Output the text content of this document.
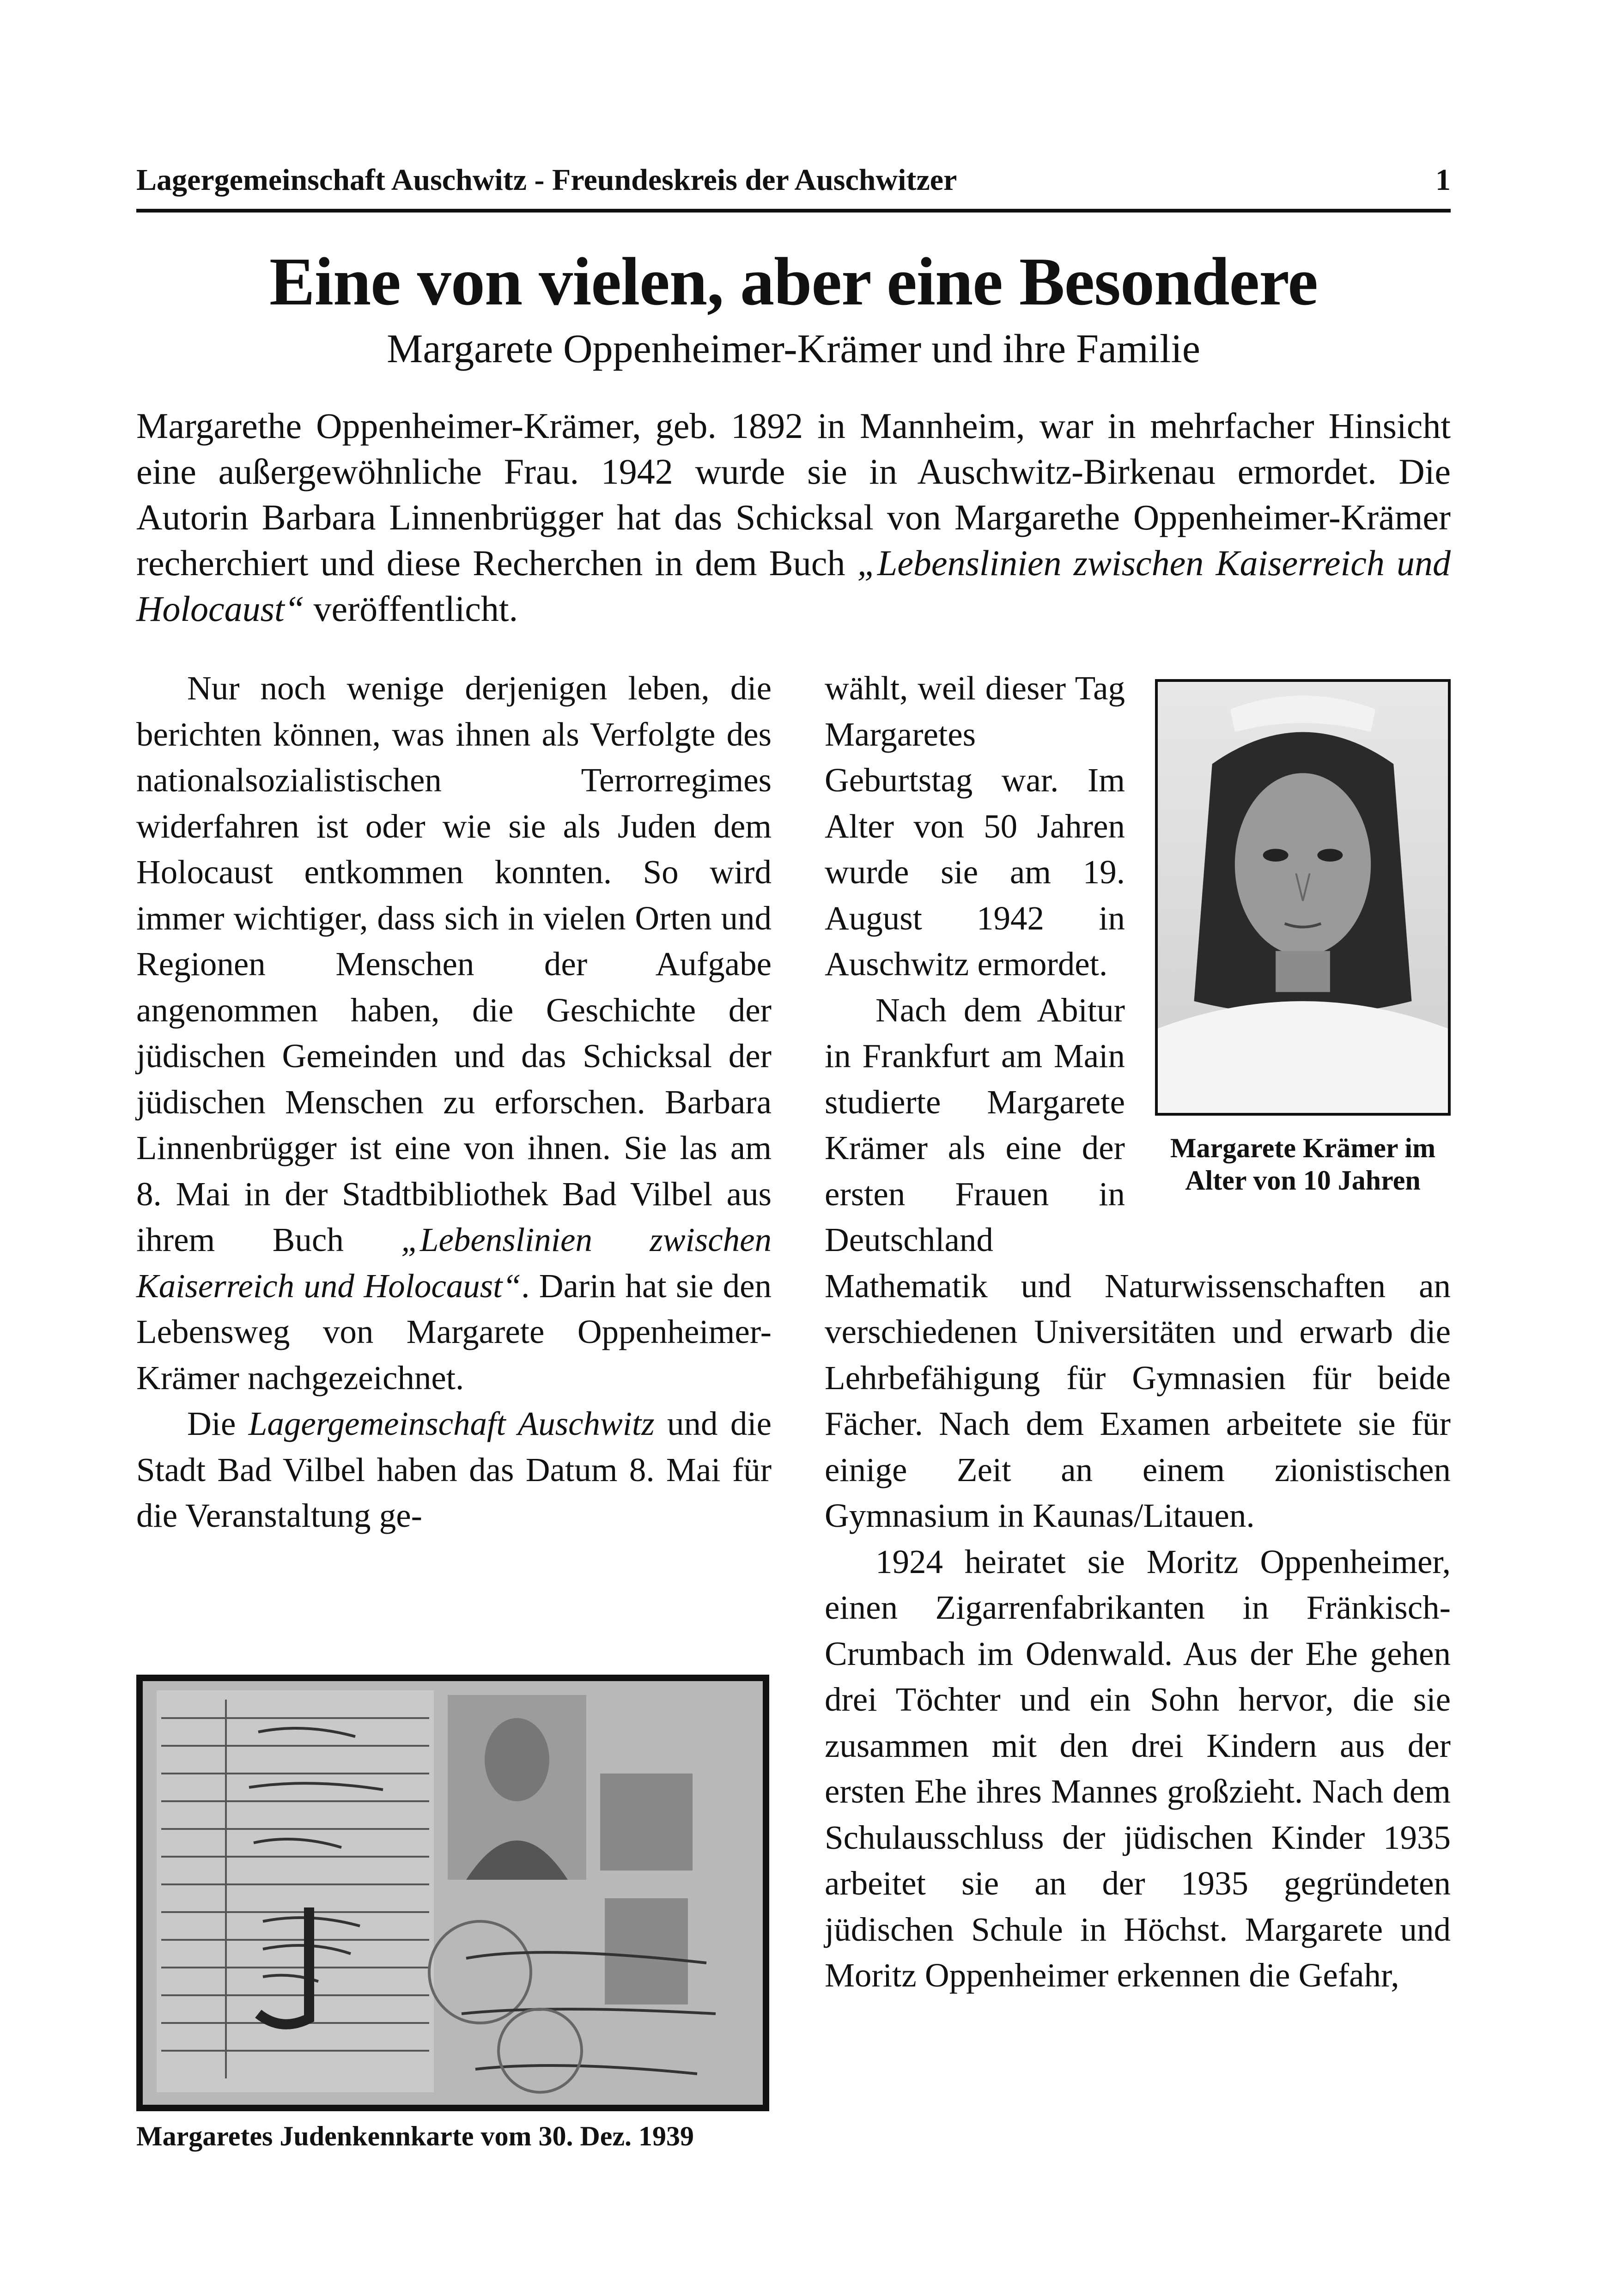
Lagergemeinschaft Auschwitz - Freundeskreis der Auschwitzer	1
Eine von vielen, aber eine Besondere
Margarete Oppenheimer-Krämer und ihre Familie
Margarethe Oppenheimer-Krämer, geb. 1892 in Mannheim, war in mehrfacher Hinsicht eine außergewöhnliche Frau. 1942 wurde sie in Auschwitz-Birkenau ermordet. Die Autorin Barbara Linnenbrügger hat das Schicksal von Margarethe Oppenheimer-Krämer recherchiert und diese Recherchen in dem Buch „Lebenslinien zwischen Kaiserreich und Holocaust“ veröffentlicht.

Nur noch wenige derjenigen leben, die berichten können, was ihnen als Verfolgte des nationalsozialistischen Terrorregimes widerfahren ist oder wie sie als Juden dem Holocaust entkommen konnten. So wird immer wichtiger, dass sich in vielen Orten und Regionen Menschen der Aufgabe angenommen haben, die Geschichte der jüdischen Gemeinden und das Schicksal der jüdischen Menschen zu erforschen. Barbara Linnenbrügger ist eine von ihnen. Sie las am 8. Mai in der Stadtbibliothek Bad Vilbel aus ihrem Buch „Lebenslinien zwischen Kaiserreich und Holocaust“. Darin hat sie den Lebensweg von Margarete Oppenheimer-Krämer nachgezeichnet.

Die Lagergemeinschaft Auschwitz und die Stadt Bad Vilbel haben das Datum 8. Mai für die Veranstaltung ge-

wählt, weil dieser Tag Margaretes Geburtstag war. Im Alter von 50 Jahren wurde sie am 19. August 1942 in Auschwitz ermordet.

Nach dem Abitur in Frankfurt am Main studierte Margarete Krämer als eine der ersten Frauen in Deutschland Mathematik und Naturwissenschaften an verschiedenen Universitäten und erwarb die Lehrbefähigung für Gymnasien für beide Fächer. Nach dem Examen arbeitete sie für einige Zeit an einem zionistischen Gymnasium in Kaunas/Litauen.

1924 heiratet sie Moritz Oppenheimer, einen Zigarrenfabrikanten in Fränkisch-Crumbach im Odenwald. Aus der Ehe gehen drei Töchter und ein Sohn hervor, die sie zusammen mit den drei Kindern aus der ersten Ehe ihres Mannes großzieht. Nach dem Schulausschluss der jüdischen Kinder 1935 arbeitet sie an der 1935 gegründeten jüdischen Schule in Höchst. Margarete und Moritz Oppenheimer erkennen die Gefahr,

Margarete Krämer im Alter von 10 Jahren
Margaretes Judenkennkarte vom 30. Dez. 1939
